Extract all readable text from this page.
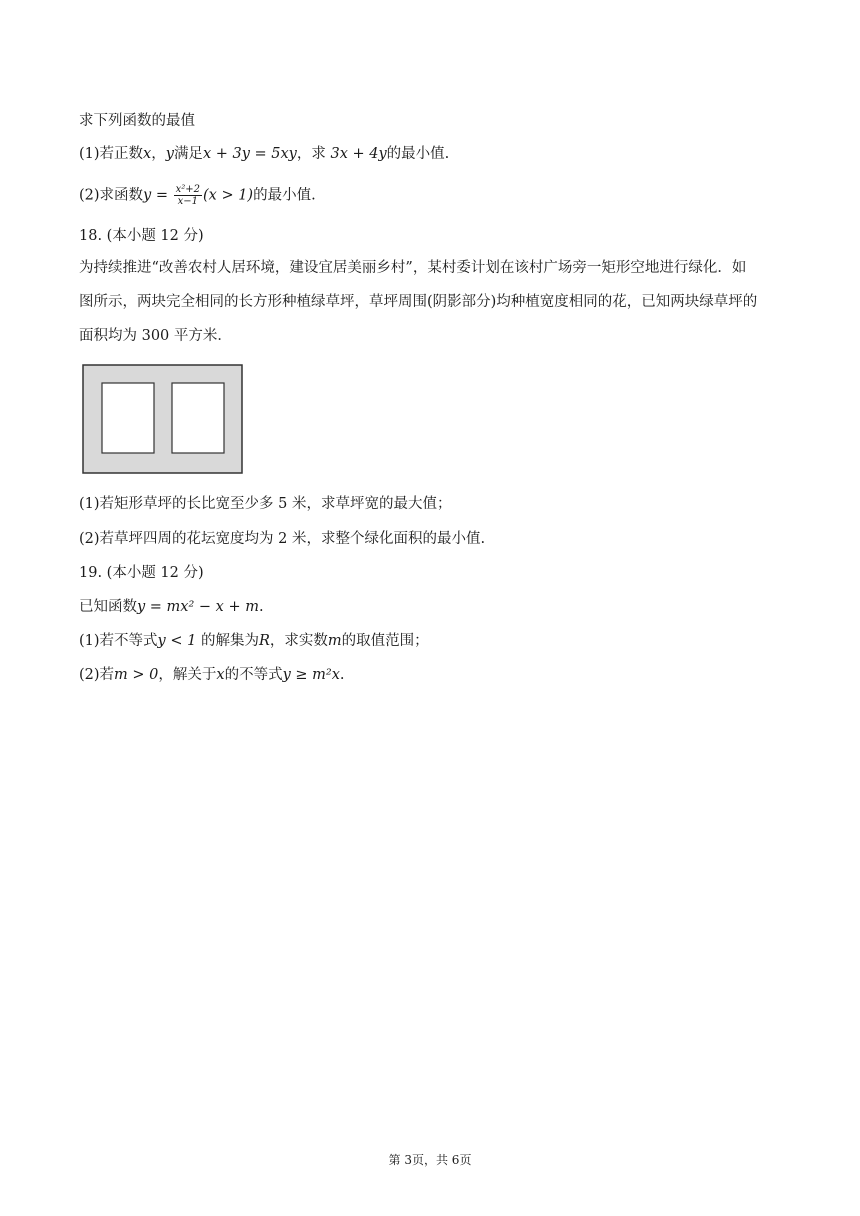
求下列函数的最值
(1)若正数x，y满足x + 3y = 5xy，求 3x + 4y的最小值.
(2)求函数$y = \frac{\text{x²+2}}{x-1} (x > 1)$的最小值.
18. (本小题 12 分)
为持续推进“改善农村人居环境，建设宜居美丽乡村”，某村委计划在该村广场旁一矩形空地进行绿化．如
图所示，两块完全相同的长方形种植绿草坪，草坪周围(阴影部分)均种植宽度相同的花，已知两块绿草坪的
面积均为 300 平方米．
(1)若矩形草坪的长比宽至少多 5 米，求草坪宽的最大值；
(2)若草坪四周的花坛宽度均为 2 米，求整个绿化面积的最小值.
19. (本小题 12 分)
已知函数y = mx² − x + m.
(1)若不等式y < 1 的解集为R，求实数m的取值范围；
(2)若m > 0，解关于x的不等式y ≥ m²x.
第 3页，共 6页
